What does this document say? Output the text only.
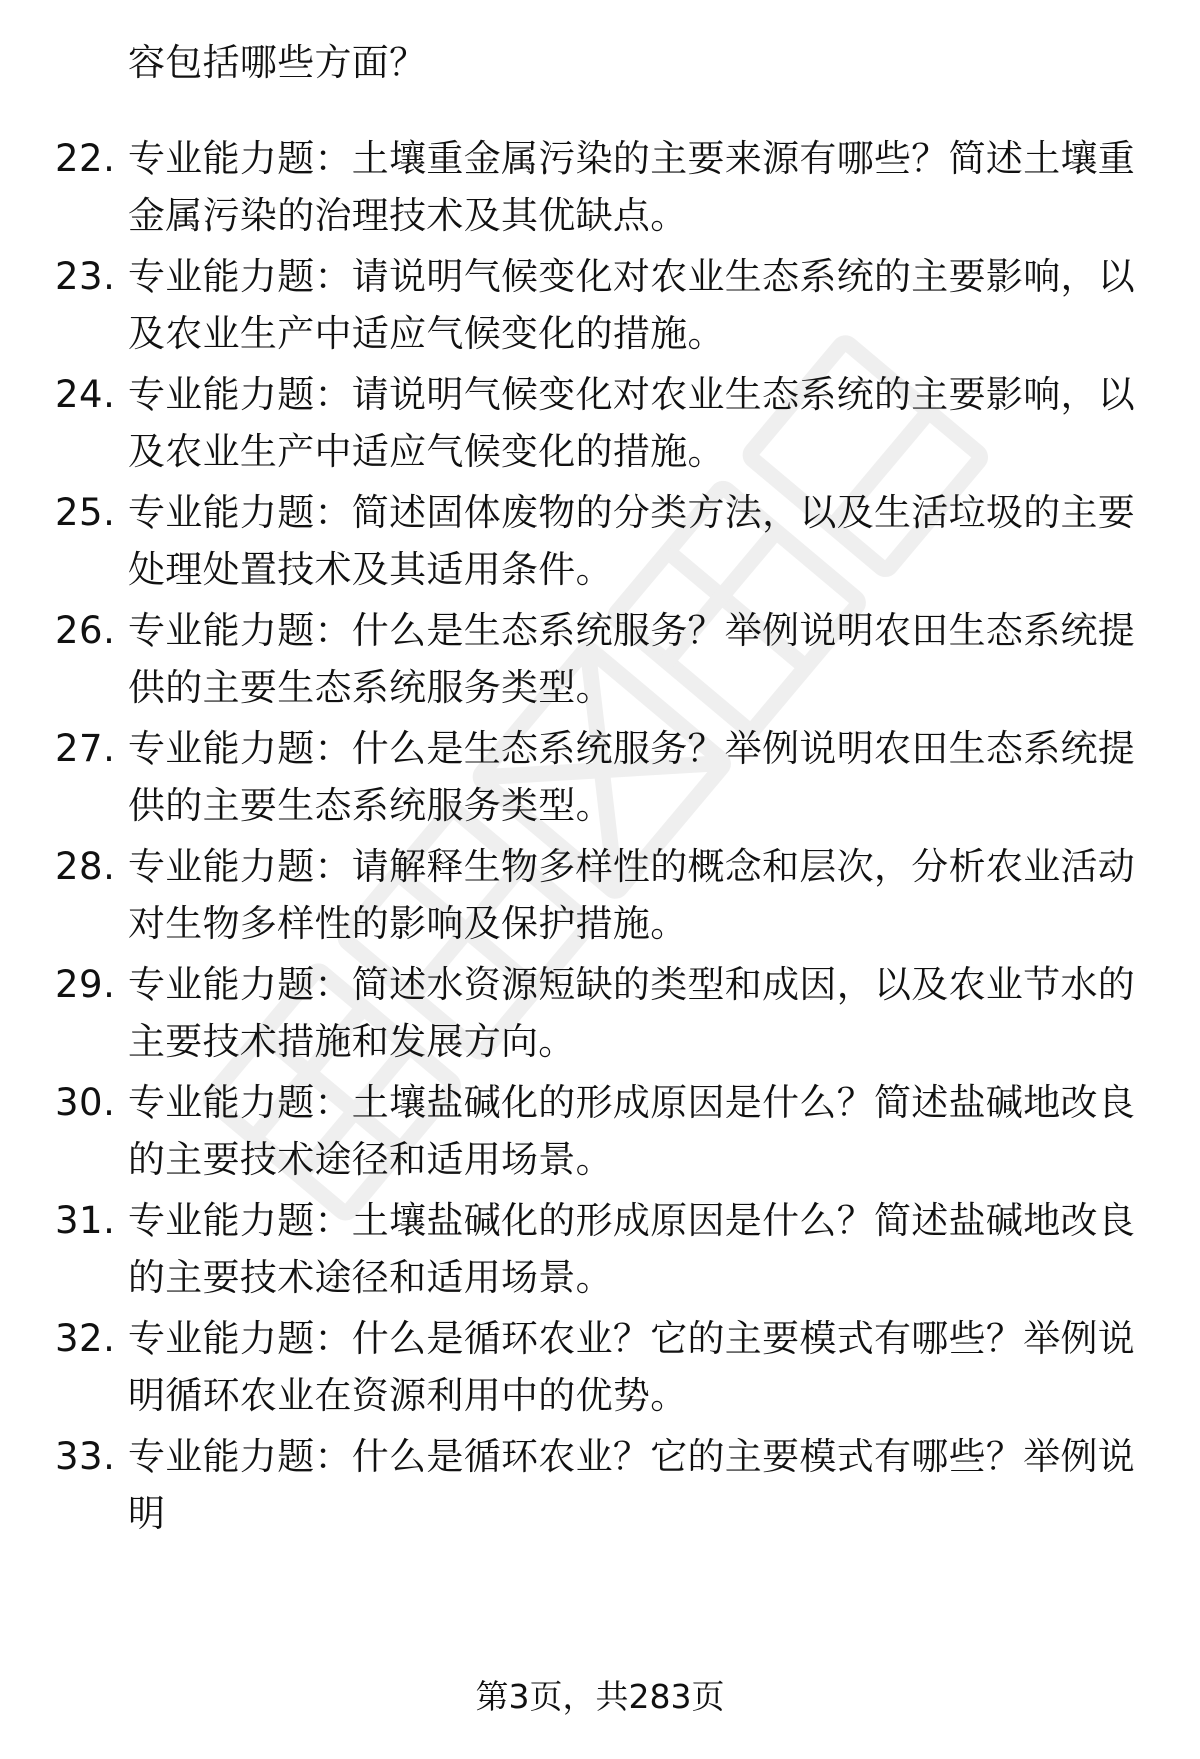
容包括哪些方面？
22. 专业能力题：土壤重金属污染的主要来源有哪些？简述土壤重金属污染的治理技术及其优缺点。
23. 专业能力题：请说明气候变化对农业生态系统的主要影响，以及农业生产中适应气候变化的措施。
24. 专业能力题：请说明气候变化对农业生态系统的主要影响，以及农业生产中适应气候变化的措施。
25. 专业能力题：简述固体废物的分类方法，以及生活垃圾的主要处理处置技术及其适用条件。
26. 专业能力题：什么是生态系统服务？举例说明农田生态系统提供的主要生态系统服务类型。
27. 专业能力题：什么是生态系统服务？举例说明农田生态系统提供的主要生态系统服务类型。
28. 专业能力题：请解释生物多样性的概念和层次，分析农业活动对生物多样性的影响及保护措施。
29. 专业能力题：简述水资源短缺的类型和成因，以及农业节水的主要技术措施和发展方向。
30. 专业能力题：土壤盐碱化的形成原因是什么？简述盐碱地改良的主要技术途径和适用场景。
31. 专业能力题：土壤盐碱化的形成原因是什么？简述盐碱地改良的主要技术途径和适用场景。
32. 专业能力题：什么是循环农业？它的主要模式有哪些？举例说明循环农业在资源利用中的优势。
33. 专业能力题：什么是循环农业？它的主要模式有哪些？举例说明
第3页，共283页
